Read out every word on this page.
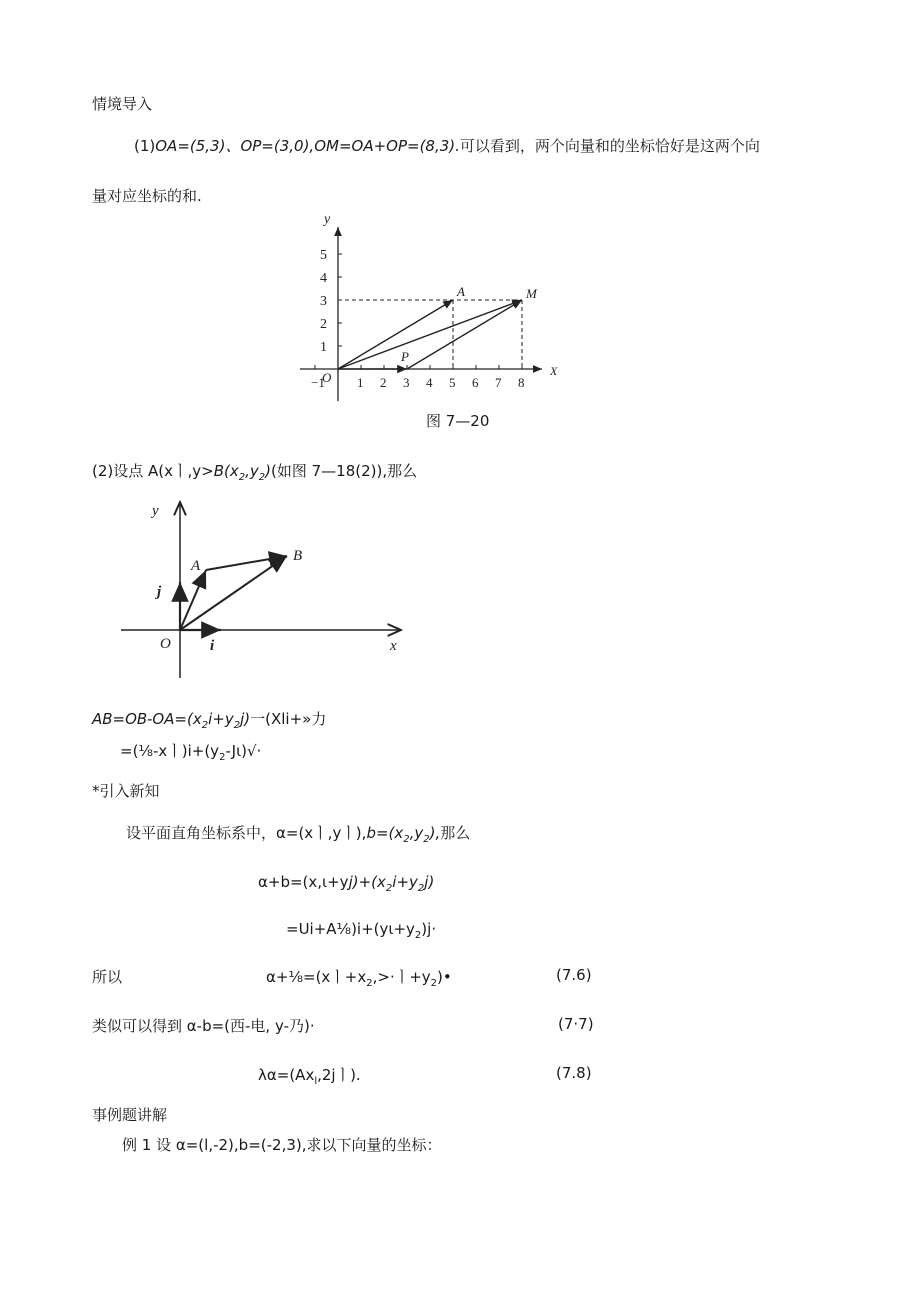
情境导入
(1)OA=(5,3)、OP=(3,0),OM=OA+OP=(8,3).可以看到，两个向量和的坐标恰好是这两个向
量对应坐标的和.
−1 1 2 3 4 5 6 7 8
1
2
3
4
5
A	M
P
y
X
O
图 7—20
(2)设点 A(xㅣ$,y>B(x_2,y_2)$(如图 7—18(2)),那么
y
x
O	i
j
A
B
$AB=OB-OA=(x_2i+y_2j)$一(Xli+»力
=(⅛-xㅣ)$i+(y_2-J\iota)√\cdot$
*引入新知
设平面直角坐标系中，α=(xㅣ,yㅣ)$,b=(x_2,y_2)$,那么
$\alpha+b=(x,\iota+yj)+(x_2i+y_2j)$
$=Ui+A\frac{1}{8})i+(y\iota+y_2)j\cdot$
所以	α+⅛=(xㅣ$+x_2,>\cdot$ㅣ$+y_2)•$	(7.6)
类似可以得到 α-b=(西-电, y-乃)·	(7·7)
$\lambda\alpha=(Ax_l,2j$ㅣ).	(7.8)
事例题讲解
例 1 设 α=(l,-2),b=(-2,3),求以下向量的坐标：
